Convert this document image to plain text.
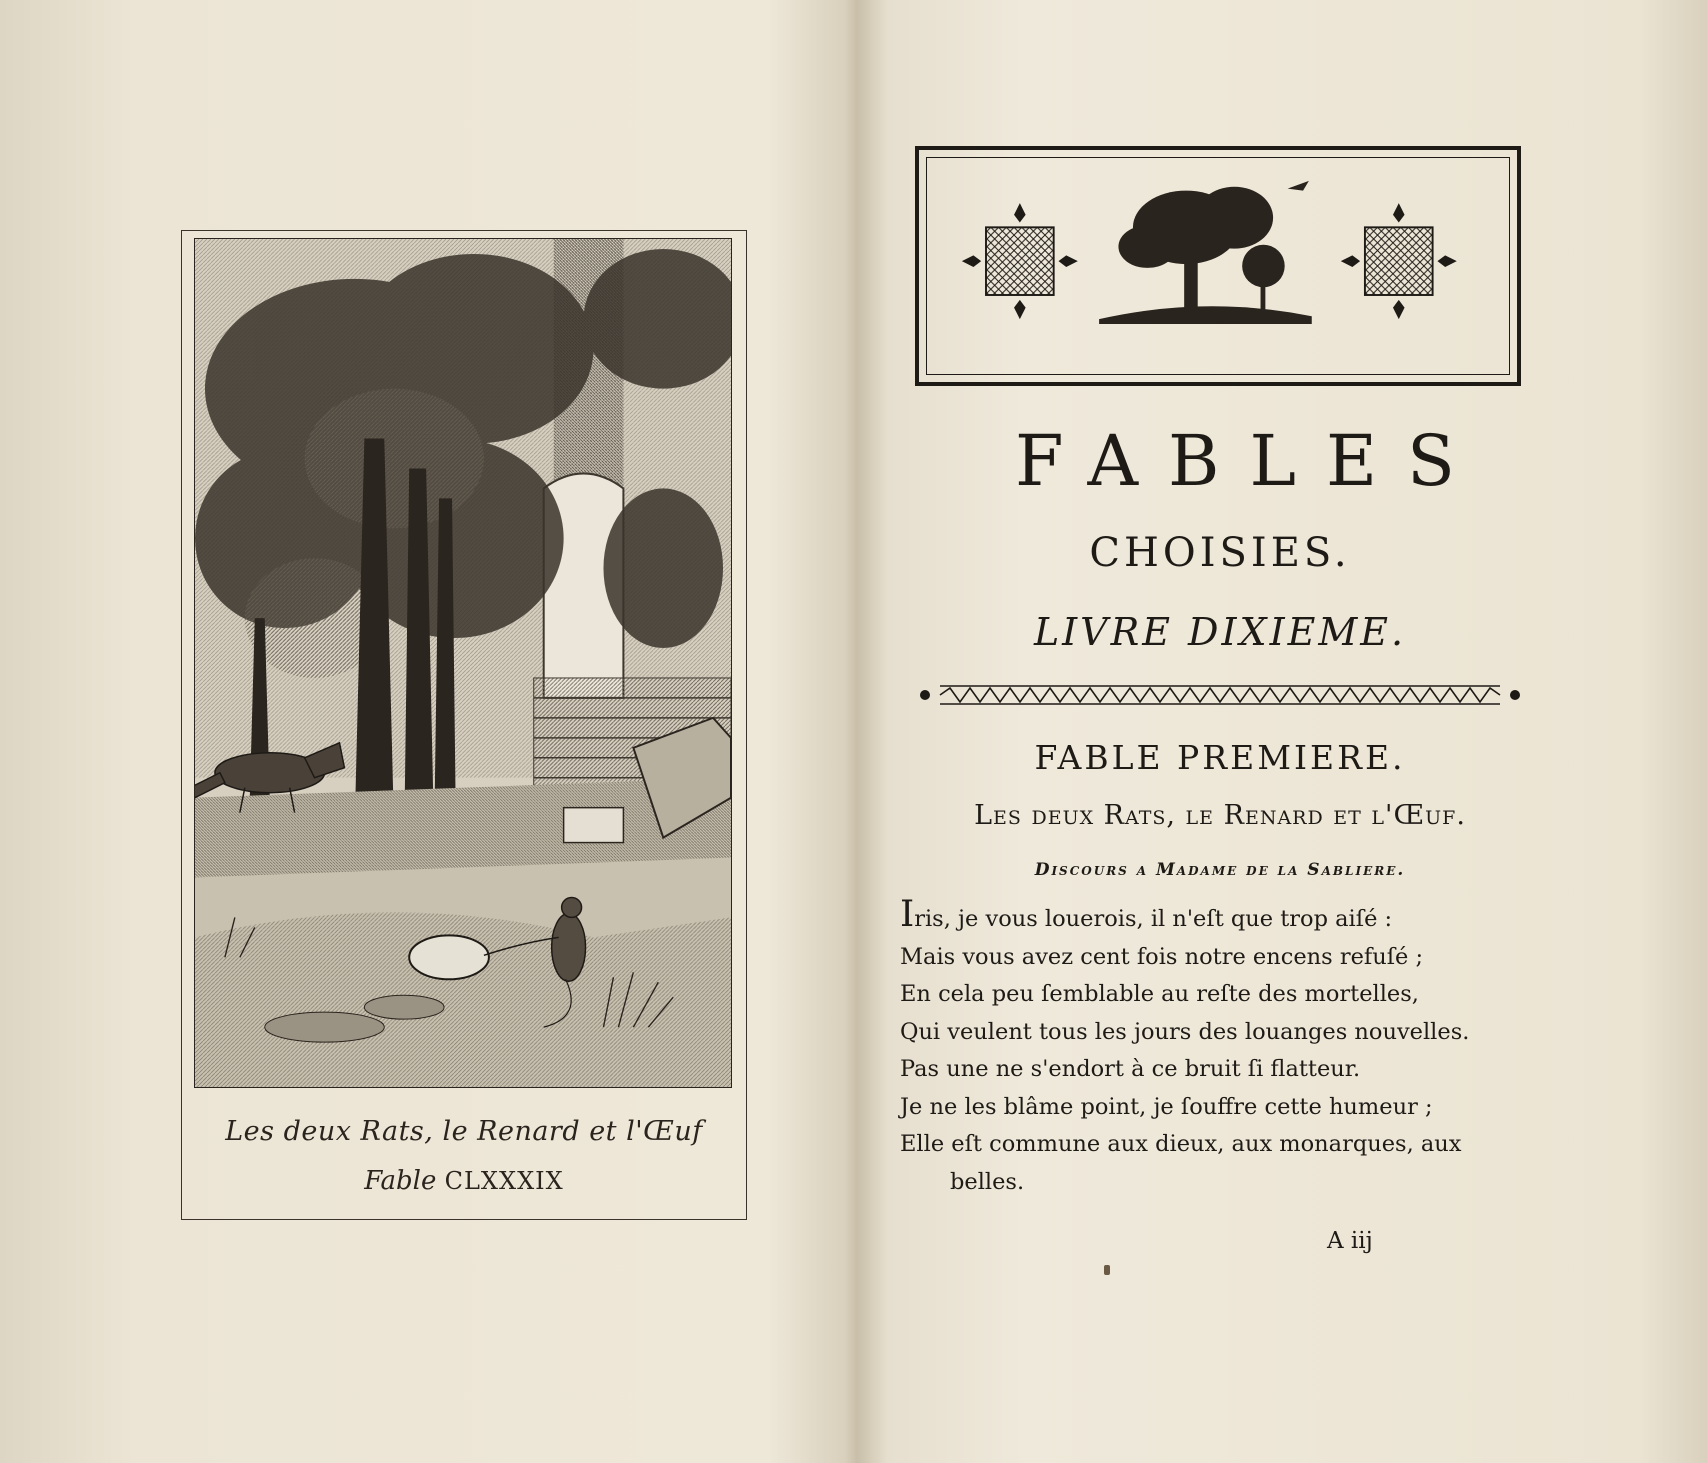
Les deux Rats, le Renard et l'Œuf
Fable CLXXXIX
FABLES
CHOISIES.
LIVRE DIXIEME.
FABLE PREMIERE.
Les deux Rats, le Renard et l'Œuf.
Discours a Madame de la Sabliere.
Iris, je vous louerois, il n'eſt que trop aiſé :
Mais vous avez cent fois notre encens refuſé ;
En cela peu ſemblable au reſte des mortelles,
Qui veulent tous les jours des louanges nouvelles.
Pas une ne s'endort à ce bruit ſi flatteur.
Je ne les blâme point, je ſouffre cette humeur ;
Elle eſt commune aux dieux, aux monarques, aux
belles.
A iij
